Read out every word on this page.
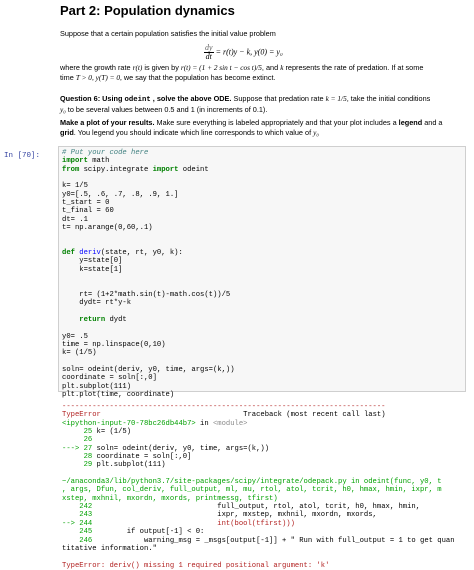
Part 2: Population dynamics
Suppose that a certain population satisfies the initial value problem
$\frac{dy}{dt} = r(t)y - k$, y(0) = y₀
where the growth rate r(t) is given by r(t) = (1 + 2 sin t − cos t)/5, and k represents the rate of predation. If at some
time T > 0, y(T) = 0, we say that the population has become extinct.
Question 6: Using odeint , solve the above ODE. Suppose that predation rate k = 1/5, take the initial conditions
y₀ to be several values between 0.5 and 1 (in increments of 0.1).
Make a plot of your results. Make sure everything is labeled appropriately and that your plot includes a legend and a
grid. You legend you should indicate which line corresponds to which value of y₀
In [70]:	# Put your code here
import math
from scipy.integrate import odeint
k= 1/5
y0=[.5, .6, .7, .8, .9, 1.]
t_start = 0
t_final = 60
dt= .1
t= np.arange(0,60,.1)
def deriv(state, rt, y0, k):
y=state[0]
k=state[1]
rt= (1+2*math.sin(t)-math.cos(t))/5
dydt= rt*y-k
return dydt
y0= .5
time = np.linspace(0,10)
k= (1/5)
soln= odeint(deriv, y0, time, args=(k,))
coordinate = soln[:,0]
plt.subplot(111)
plt.plot(time, coordinate)
---------------------------------------------------------------------------
TypeError	Traceback (most recent call last)
<ipython-input-70-78bc26db44b7> in <module>
25 k= (1/5)
26
---> 27 soln= odeint(deriv, y0, time, args=(k,))
28 coordinate = soln[:,0]
29 plt.subplot(111)
~/anaconda3/lib/python3.7/site-packages/scipy/integrate/odepack.py in odeint(func, y0, t
, args, Dfun, col_deriv, full_output, ml, mu, rtol, atol, tcrit, h0, hmax, hmin, ixpr, m
xstep, mxhnil, mxordn, mxords, printmessg, tfirst)
242                             full_output, rtol, atol, tcrit, h0, hmax, hmin,
243                             ixpr, mxstep, mxhnil, mxordn, mxords,
--> 244                             int(bool(tfirst)))
245        if output[-1] < 0:
246            warning_msg = _msgs[output[-1]] + " Run with full_output = 1 to get quan
titative information."

TypeError: deriv() missing 1 required positional argument: 'k'
